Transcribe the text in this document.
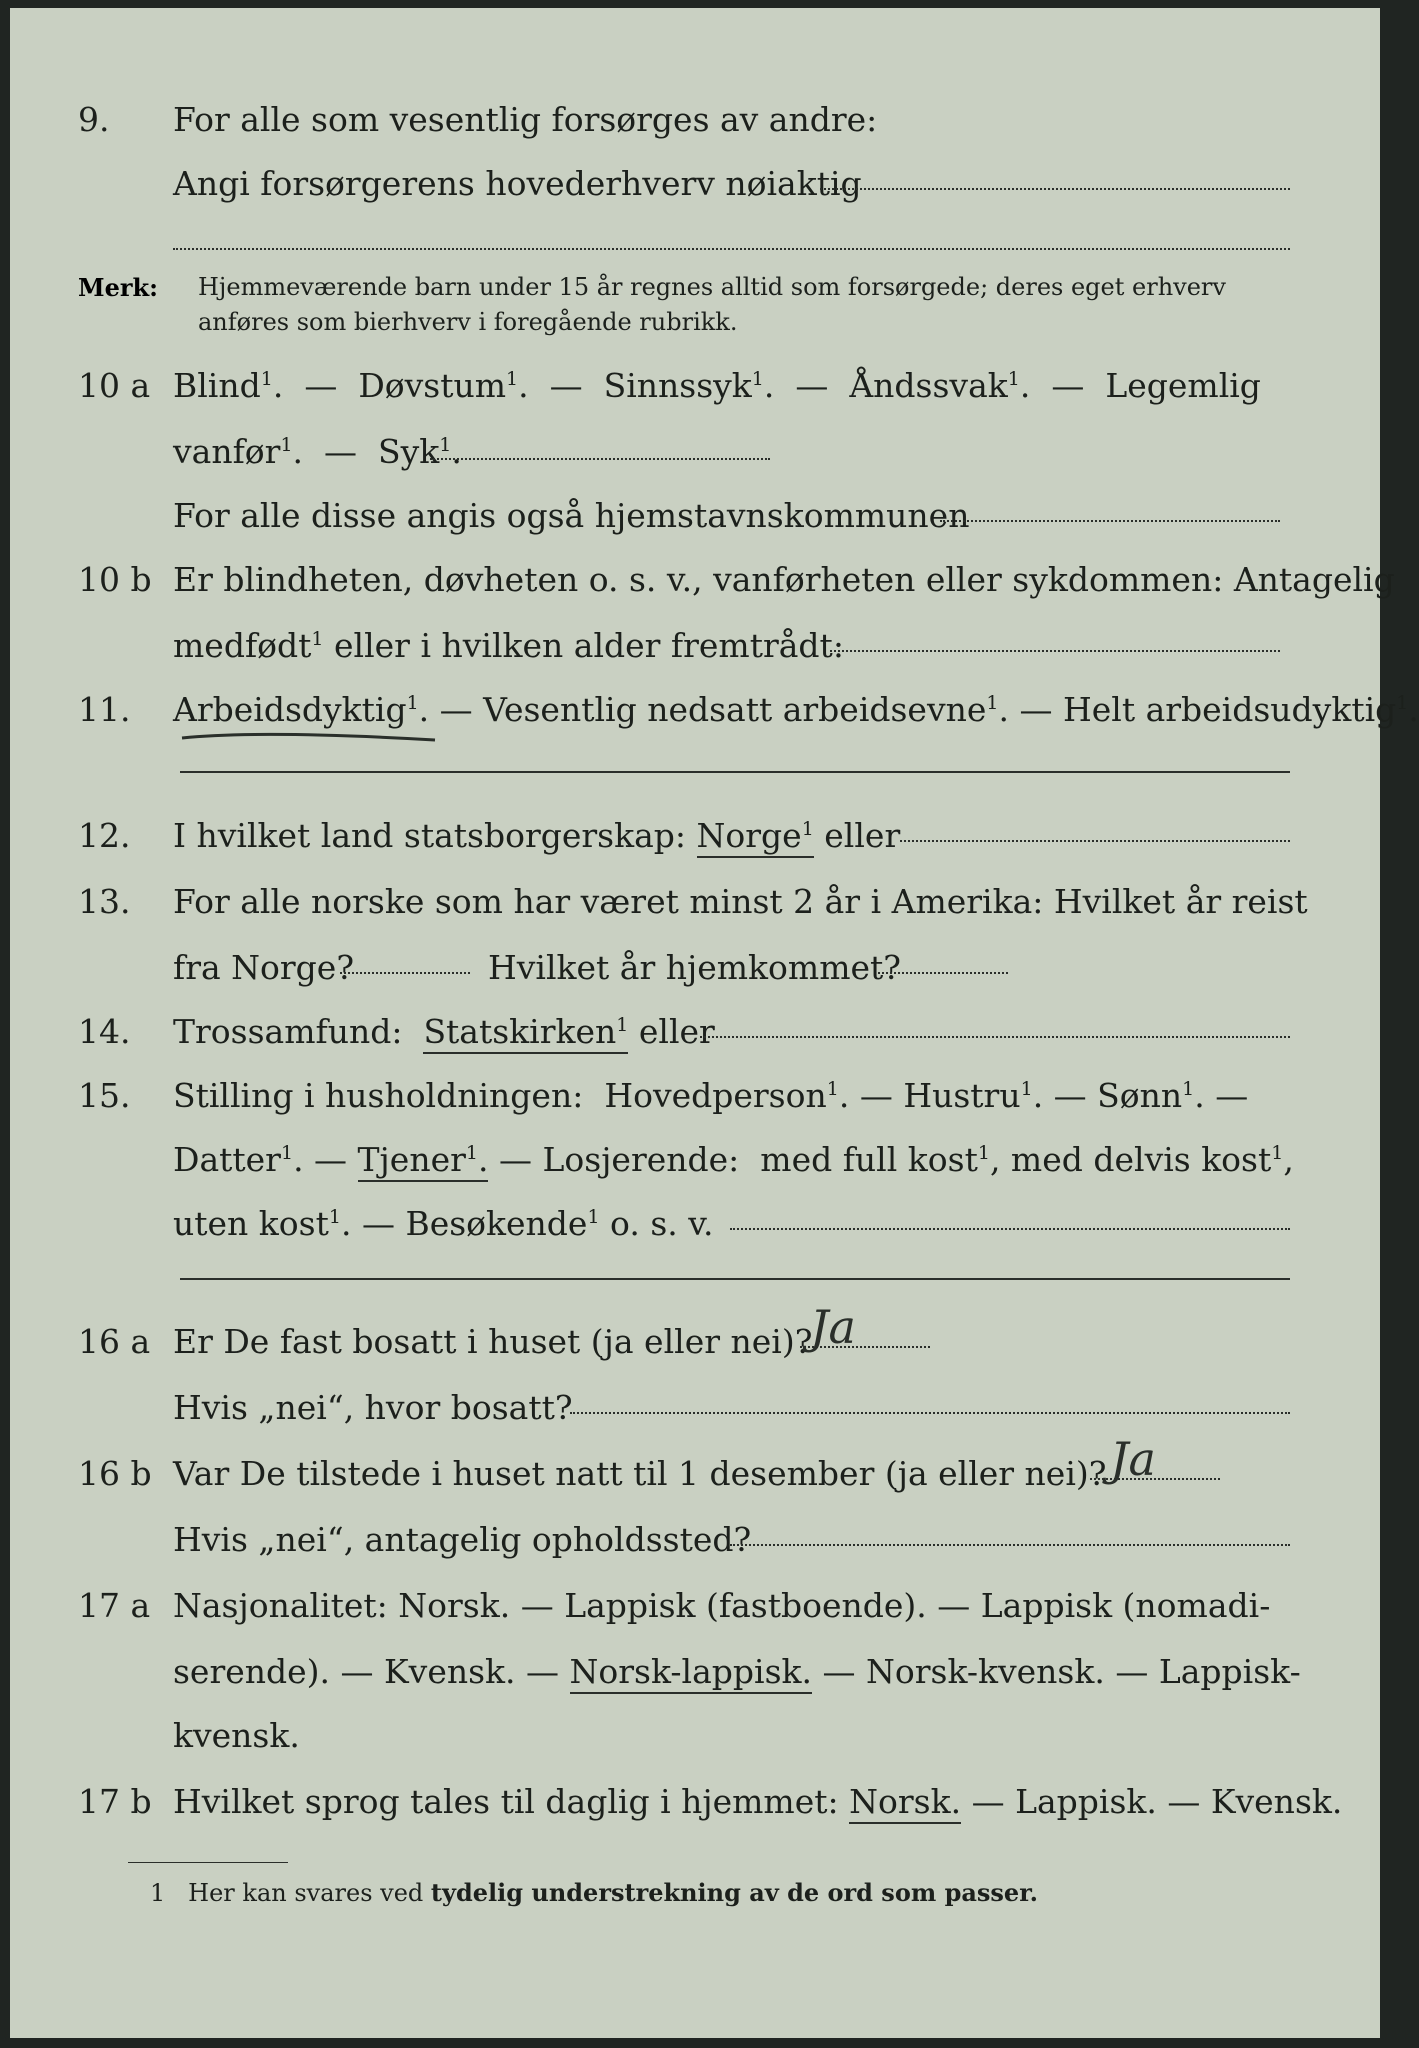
9. For alle som vesentlig forsørges av andre:
Angi forsørgerens hovederhverv nøiaktig
Merk: Hjemmeværende barn under 15 år regnes alltid som forsørgede; deres eget erhverv
anføres som bierhverv i foregående rubrikk.
10 a Blind$^1$.  — Døvstum$^1$.  — Sinnssyk$^1$.  — Åndssvak$^1$.  — Legemlig
vanfør$^1$.  — Syk$^1$.
For alle disse angis også hjemstavnskommunen
10 b Er blindheten, døvheten o. s. v., vanførheten eller sykdommen: Antagelig
medfødt$^1$ eller i hvilken alder fremtrådt:
11. Arbeidsdyktig$^1$. — Vesentlig nedsatt arbeidsevne$^1$. — Helt arbeidsudyktig$^1$.
12. I hvilket land statsborgerskap: Norge$^1$ eller
13. For alle norske som har været minst 2 år i Amerika: Hvilket år reist
fra Norge?	Hvilket år hjemkommet?
14. Trossamfund: Statskirken$^1$ eller
15. Stilling i husholdningen: Hovedperson$^1$. — Hustru$^1$. — Sønn$^1$. —
Datter$^1$. — Tjener$^1$. — Losjerende: med full kost$^1$, med delvis kost$^1$,
uten kost$^1$. — Besøkende$^1$ o. s. v.
16 a Er De fast bosatt i huset (ja eller nei)?
Ja
Hvis „nei“, hvor bosatt?
16 b Var De tilstede i huset natt til 1 desember (ja eller nei)? Ja
Hvis „nei“, antagelig opholdssted?
17 a Nasjonalitet: Norsk. — Lappisk (fastboende). — Lappisk (nomadi-
serende). — Kvensk. — Norsk-lappisk. — Norsk-kvensk. — Lappisk-
kvensk.
17 b Hvilket sprog tales til daglig i hjemmet: Norsk. — Lappisk. — Kvensk.
1 Her kan svares ved tydelig understrekning av de ord som passer.
